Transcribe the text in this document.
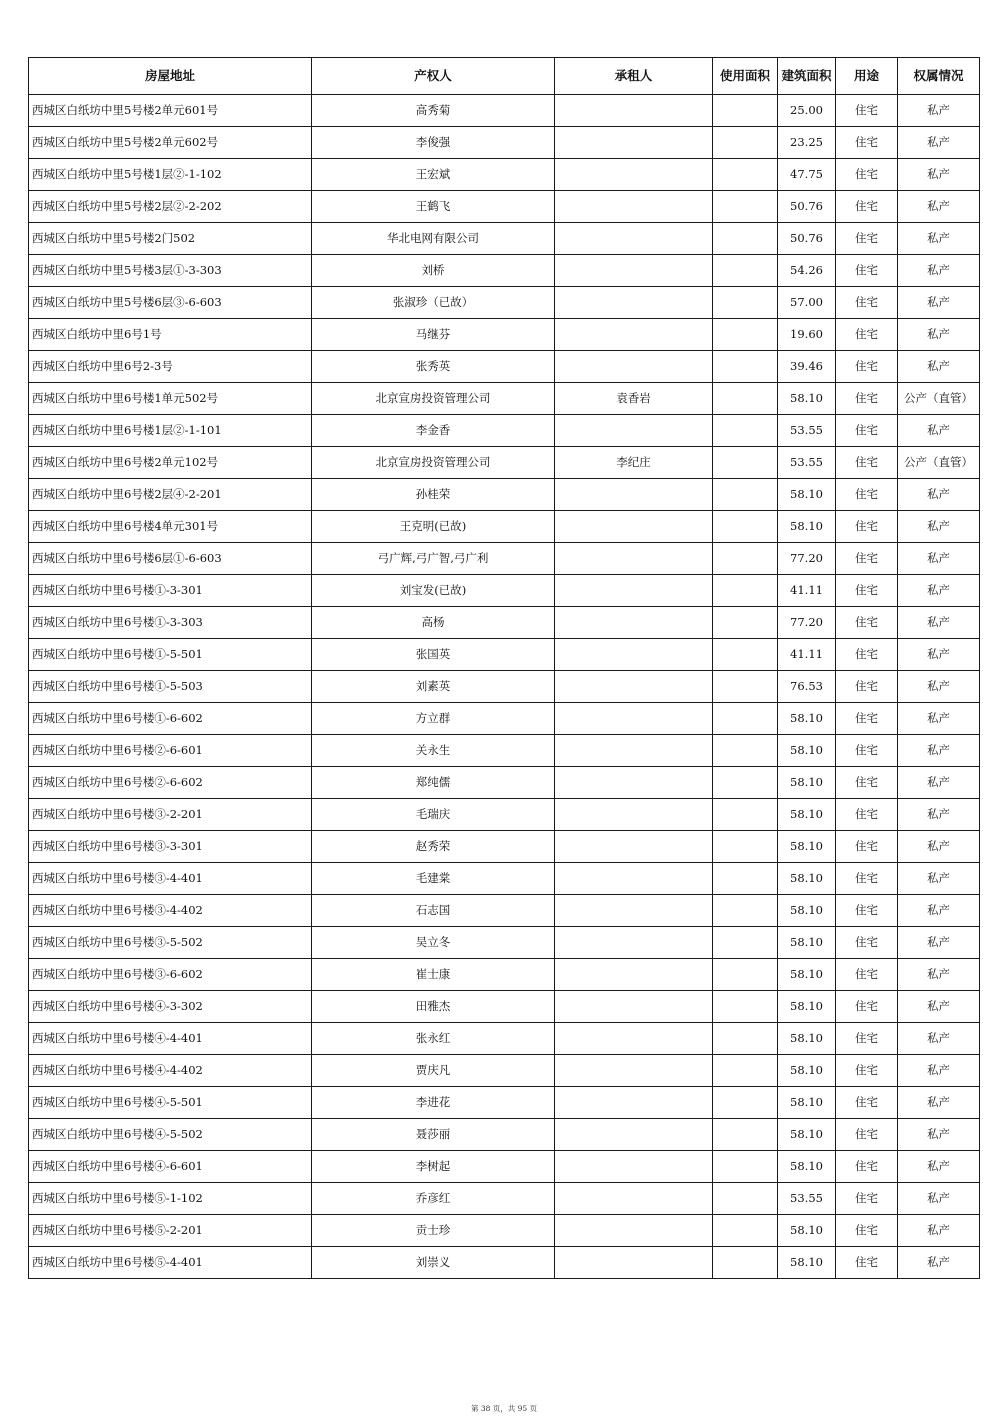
房屋地址	产权人	承租人	使用面积	建筑面积	用途	权属情况
西城区白纸坊中里5号楼2单元601号	高秀菊			25.00	住宅	私产
西城区白纸坊中里5号楼2单元602号	李俊强			23.25	住宅	私产
西城区白纸坊中里5号楼1层②-1-102	王宏斌			47.75	住宅	私产
西城区白纸坊中里5号楼2层②-2-202	王鹤飞			50.76	住宅	私产
西城区白纸坊中里5号楼2门502	华北电网有限公司			50.76	住宅	私产
西城区白纸坊中里5号楼3层①-3-303	刘桥			54.26	住宅	私产
西城区白纸坊中里5号楼6层③-6-603	张淑珍（已故）			57.00	住宅	私产
西城区白纸坊中里6号1号	马继芬			19.60	住宅	私产
西城区白纸坊中里6号2-3号	张秀英			39.46	住宅	私产
西城区白纸坊中里6号楼1单元502号	北京宣房投资管理公司	袁香岩		58.10	住宅	公产（直管）
西城区白纸坊中里6号楼1层②-1-101	李金香			53.55	住宅	私产
西城区白纸坊中里6号楼2单元102号	北京宣房投资管理公司	李纪庄		53.55	住宅	公产（直管）
西城区白纸坊中里6号楼2层④-2-201	孙桂荣			58.10	住宅	私产
西城区白纸坊中里6号楼4单元301号	王克明(已故)			58.10	住宅	私产
西城区白纸坊中里6号楼6层①-6-603	弓广辉,弓广智,弓广利			77.20	住宅	私产
西城区白纸坊中里6号楼①-3-301	刘宝发(已故)			41.11	住宅	私产
西城区白纸坊中里6号楼①-3-303	高杨			77.20	住宅	私产
西城区白纸坊中里6号楼①-5-501	张国英			41.11	住宅	私产
西城区白纸坊中里6号楼①-5-503	刘素英			76.53	住宅	私产
西城区白纸坊中里6号楼①-6-602	方立群			58.10	住宅	私产
西城区白纸坊中里6号楼②-6-601	关永生			58.10	住宅	私产
西城区白纸坊中里6号楼②-6-602	郑纯儒			58.10	住宅	私产
西城区白纸坊中里6号楼③-2-201	毛瑞庆			58.10	住宅	私产
西城区白纸坊中里6号楼③-3-301	赵秀荣			58.10	住宅	私产
西城区白纸坊中里6号楼③-4-401	毛建棠			58.10	住宅	私产
西城区白纸坊中里6号楼③-4-402	石志国			58.10	住宅	私产
西城区白纸坊中里6号楼③-5-502	吴立冬			58.10	住宅	私产
西城区白纸坊中里6号楼③-6-602	崔士康			58.10	住宅	私产
西城区白纸坊中里6号楼④-3-302	田雅杰			58.10	住宅	私产
西城区白纸坊中里6号楼④-4-401	张永红			58.10	住宅	私产
西城区白纸坊中里6号楼④-4-402	贾庆凡			58.10	住宅	私产
西城区白纸坊中里6号楼④-5-501	李进花			58.10	住宅	私产
西城区白纸坊中里6号楼④-5-502	聂莎丽			58.10	住宅	私产
西城区白纸坊中里6号楼④-6-601	李树起			58.10	住宅	私产
西城区白纸坊中里6号楼⑤-1-102	乔彦红			53.55	住宅	私产
西城区白纸坊中里6号楼⑤-2-201	贡士珍			58.10	住宅	私产
西城区白纸坊中里6号楼⑤-4-401	刘崇义			58.10	住宅	私产
第 38 页，共 95 页
